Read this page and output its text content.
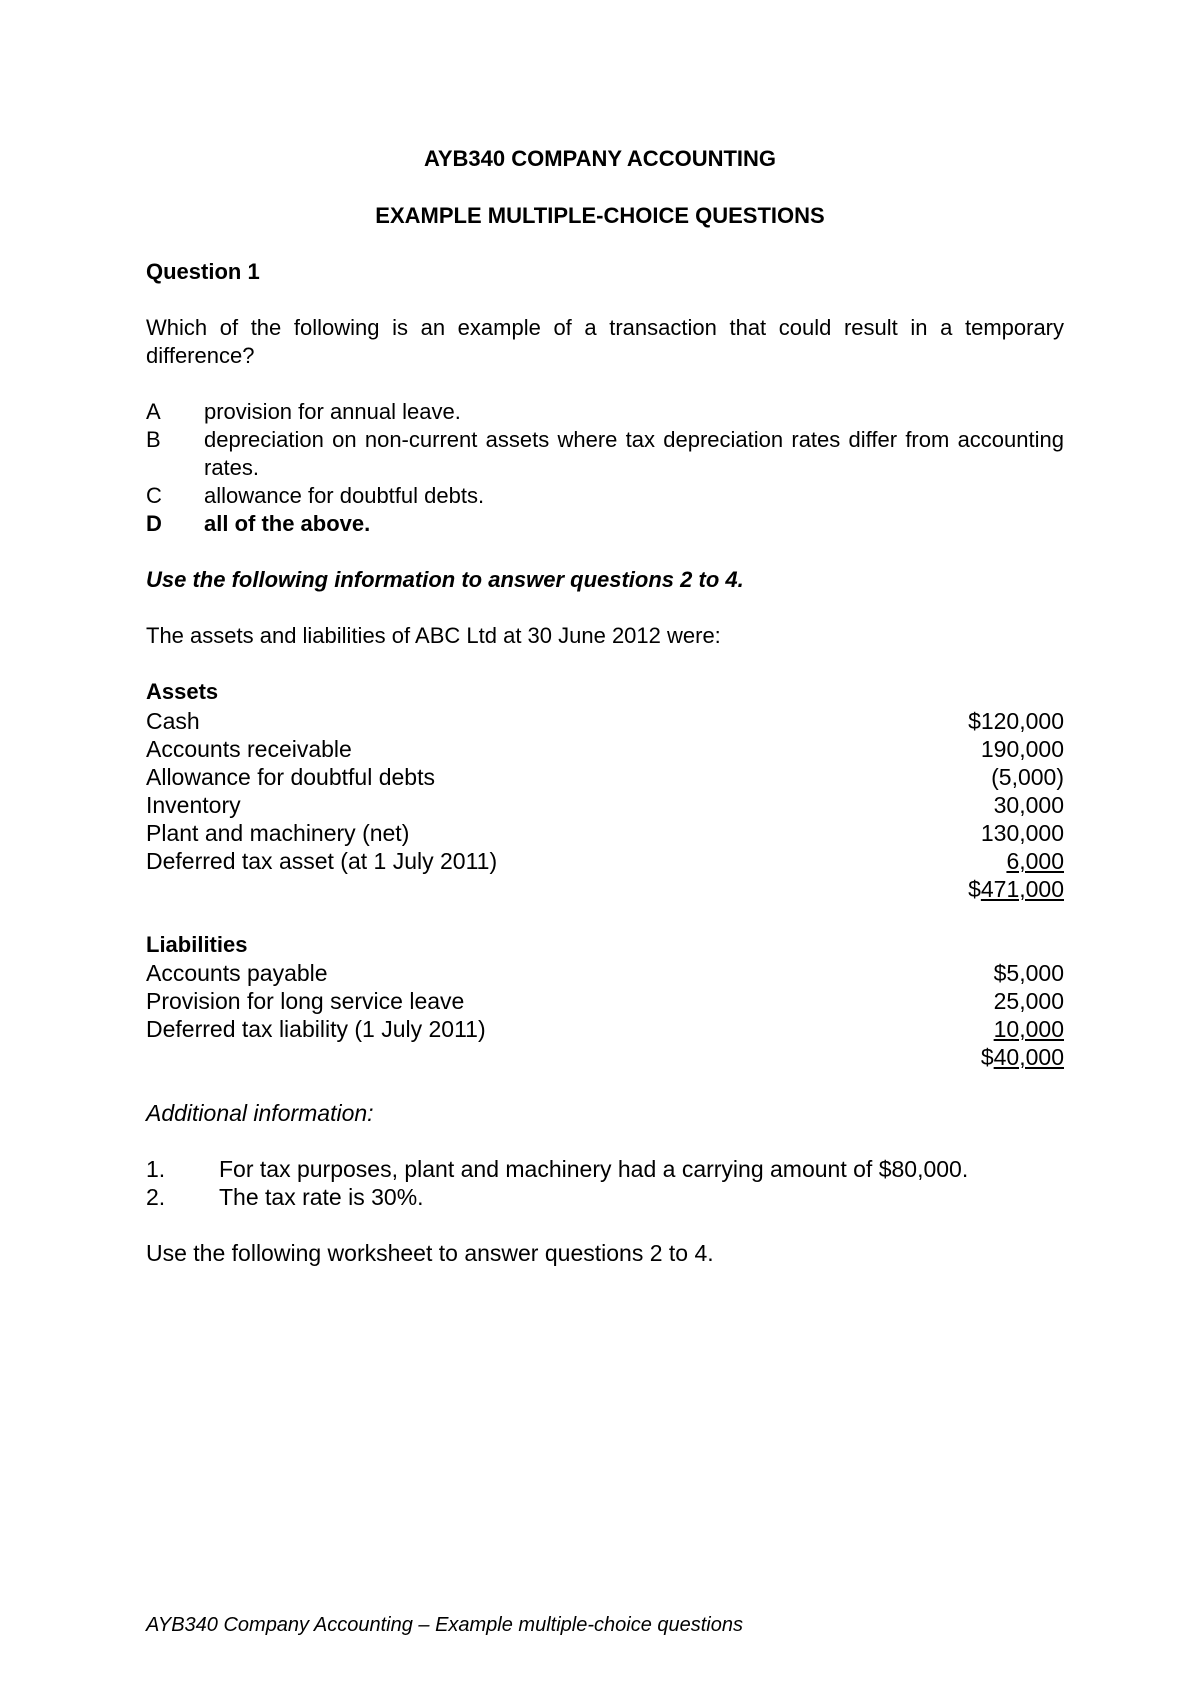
AYB340 COMPANY ACCOUNTING
EXAMPLE MULTIPLE-CHOICE QUESTIONS
Question 1
Which of the following is an example of a transaction that could result in a temporary difference?
A provision for annual leave.
B depreciation on non-current assets where tax depreciation rates differ from accounting rates.
C allowance for doubtful debts.
D all of the above.
Use the following information to answer questions 2 to 4.
The assets and liabilities of ABC Ltd at 30 June 2012 were:
Assets
Cash	$120,000
Accounts receivable	190,000
Allowance for doubtful debts	(5,000)
Inventory	30,000
Plant and machinery (net)	130,000
Deferred tax asset (at 1 July 2011)	6,000
$471,000
Liabilities
Accounts payable	$5,000
Provision for long service leave	25,000
Deferred tax liability (1 July 2011)	10,000
$40,000
Additional information:
1. For tax purposes, plant and machinery had a carrying amount of $80,000.
2. The tax rate is 30%.
Use the following worksheet to answer questions 2 to 4.
AYB340 Company Accounting – Example multiple-choice questions
